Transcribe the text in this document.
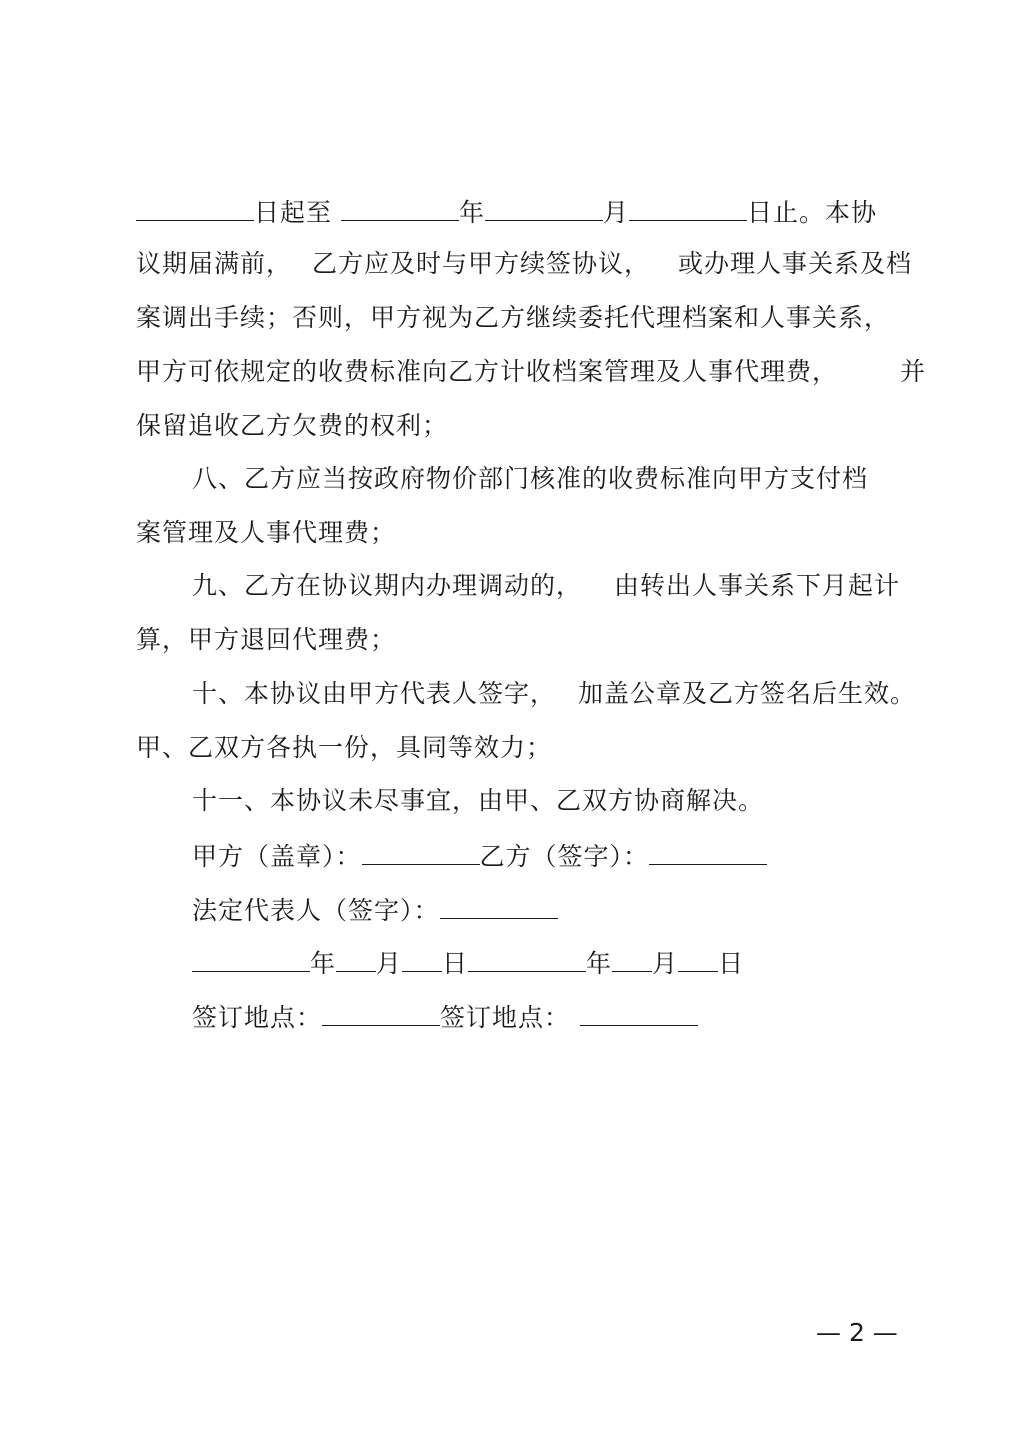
日起至	年	月	日止。本协
议期届满前， 乙方应及时与甲方续签协议， 或办理人事关系及档
案调出手续；否则，甲方视为乙方继续委托代理档案和人事关系，
甲方可依规定的收费标准向乙方计收档案管理及人事代理费， 并
保留追收乙方欠费的权利；
八、乙方应当按政府物价部门核准的收费标准向甲方支付档
案管理及人事代理费；
九、乙方在协议期内办理调动的， 由转出人事关系下月起计
算，甲方退回代理费；
十、本协议由甲方代表人签字， 加盖公章及乙方签名后生效。
甲、乙双方各执一份，具同等效力；
十一、本协议未尽事宜，由甲、乙双方协商解决。
甲方（盖章）：	乙方（签字）：
法定代表人（签字）：
年 月 日	年 月 日
签订地点：	签订地点：
— 2 —
